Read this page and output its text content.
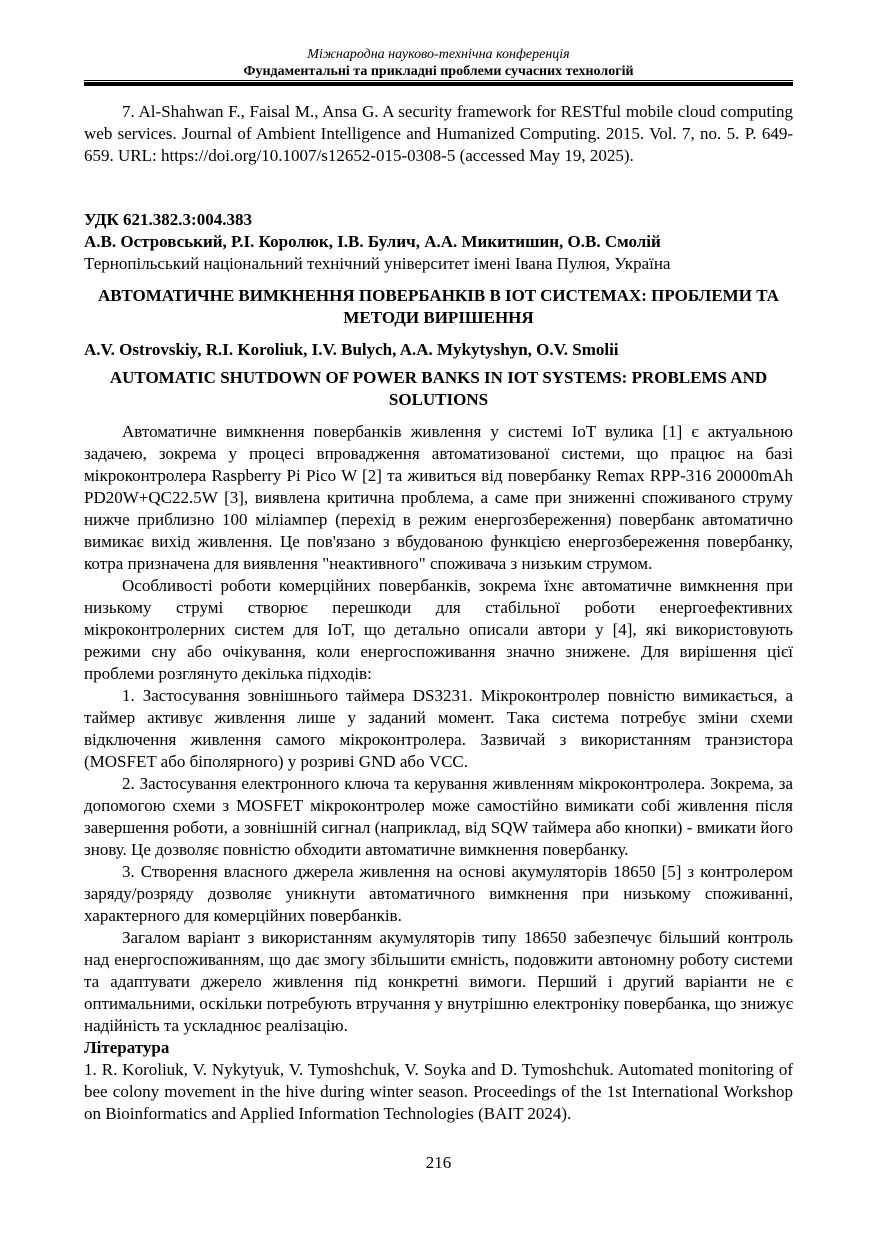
Міжнародна науково-технічна конференція
Фундаментальні та прикладні проблеми сучасних технологій

7. Al-Shahwan F., Faisal M., Ansa G. A security framework for RESTful mobile cloud computing web services. Journal of Ambient Intelligence and Humanized Computing. 2015. Vol. 7, no. 5. P. 649-659. URL: https://doi.org/10.1007/s12652-015-0308-5 (accessed May 19, 2025).

УДК 621.382.3:004.383

А.В. Островський, Р.І. Королюк, І.В. Булич, А.А. Микитишин, О.В. Смолій

Тернопільський національний технічний університет імені Івана Пулюя, Україна

АВТОМАТИЧНЕ ВИМКНЕННЯ ПОВЕРБАНКІВ В IOT СИСТЕМАХ: ПРОБЛЕМИ ТА МЕТОДИ ВИРІШЕННЯ

A.V. Ostrovskiy, R.I. Koroliuk, I.V. Bulych, A.A. Mykytyshyn, O.V. Smolii

AUTOMATIC SHUTDOWN OF POWER BANKS IN IOT SYSTEMS: PROBLEMS AND SOLUTIONS

Автоматичне вимкнення повербанків живлення у системі IoT вулика [1] є актуальною задачею, зокрема у процесі впровадження автоматизованої системи, що працює на базі мікроконтролера Raspberry Pi Pico W [2] та живиться від повербанку Remax RPP-316 20000mAh PD20W+QC22.5W [3], виявлена критична проблема, а саме при зниженні споживаного струму нижче приблизно 100 міліампер (перехід в режим енергозбереження) повербанк автоматично вимикає вихід живлення. Це пов'язано з вбудованою функцією енергозбереження повербанку, котра призначена для виявлення "неактивного" споживача з низьким струмом.

Особливості роботи комерційних повербанків, зокрема їхнє автоматичне вимкнення при низькому струмі створює перешкоди для стабільної роботи енергоефективних мікроконтролерних систем для IoT, що детально описали автори у [4], які використовують режими сну або очікування, коли енергоспоживання значно знижене. Для вирішення цієї проблеми розглянуто декілька підходів:

1. Застосування зовнішнього таймера DS3231. Мікроконтролер повністю вимикається, а таймер активує живлення лише у заданий момент. Така система потребує зміни схеми відключення живлення самого мікроконтролера. Зазвичай з використанням транзистора (MOSFET або біполярного) у розриві GND або VCC.

2. Застосування електронного ключа та керування живленням мікроконтролера. Зокрема, за допомогою схеми з MOSFET мікроконтролер може самостійно вимикати собі живлення після завершення роботи, а зовнішній сигнал (наприклад, від SQW таймера або кнопки) - вмикати його знову. Це дозволяє повністю обходити автоматичне вимкнення повербанку.

3. Створення власного джерела живлення на основі акумуляторів 18650 [5] з контролером заряду/розряду дозволяє уникнути автоматичного вимкнення при низькому споживанні, характерного для комерційних повербанків.

Загалом варіант з використанням акумуляторів типу 18650 забезпечує більший контроль над енергоспоживанням, що дає змогу збільшити ємність, подовжити автономну роботу системи та адаптувати джерело живлення під конкретні вимоги. Перший і другий варіанти не є оптимальними, оскільки потребують втручання у внутрішню електроніку повербанка, що знижує надійність та ускладнює реалізацію.

Література

1. R. Koroliuk, V. Nykytyuk, V. Tymoshchuk, V. Soyka and D. Tymoshchuk. Automated monitoring of bee colony movement in the hive during winter season. Proceedings of the 1st International Workshop on Bioinformatics and Applied Information Technologies (BAIT 2024).

216
